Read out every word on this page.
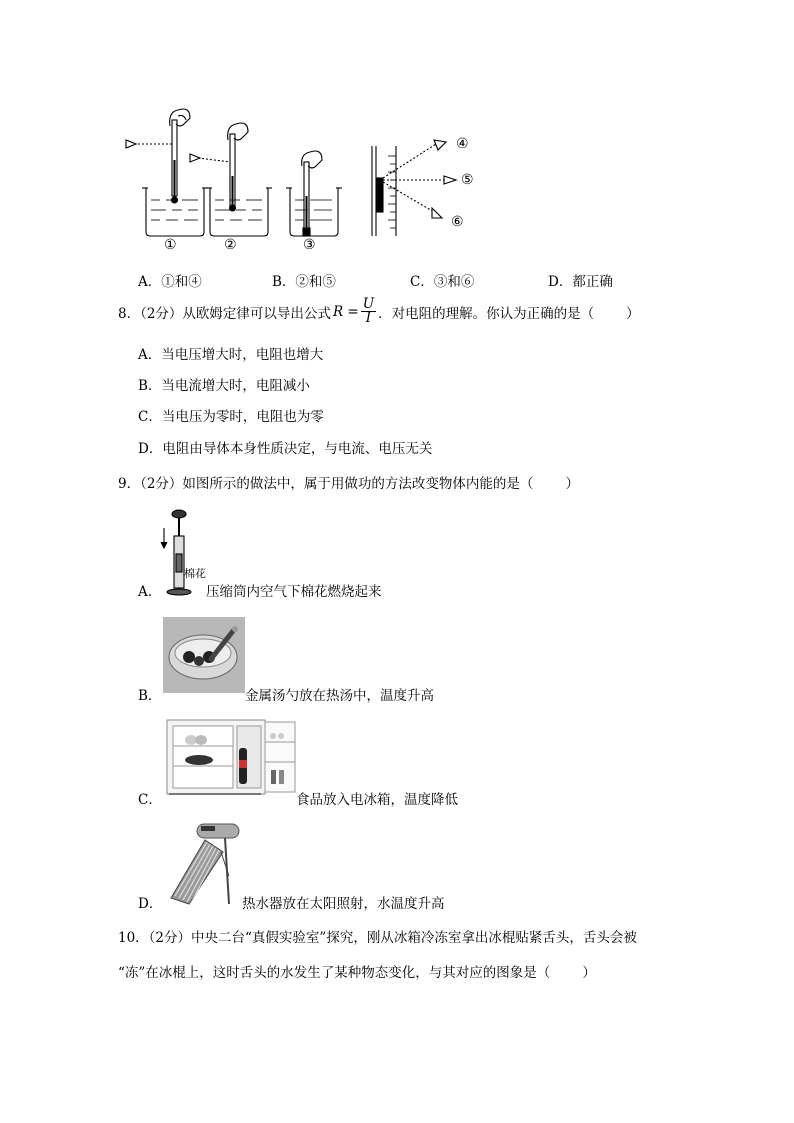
①	②	③
④
⑤
⑥
A．①和④	B．②和⑤	C．③和⑥	D．都正确
8．（2分）从欧姆定律可以导出公式 $R = \frac{U}{I}$ ．对电阻的理解。你认为正确的是（ ）
A．当电压增大时，电阻也增大
B．当电流增大时，电阻减小
C．当电压为零时，电阻也为零
D．电阻由导体本身性质决定，与电流、电压无关
9．（2分）如图所示的做法中，属于用做功的方法改变物体内能的是（ ）
棉花
A．	压缩筒内空气下棉花燃烧起来
B．	金属汤勺放在热汤中，温度升高
C．	食品放入电冰箱，温度降低
D．	热水器放在太阳照射，水温度升高
10．（2分）中央二台“真假实验室”探究，刚从冰箱冷冻室拿出冰棍贴紧舌头，舌头会被
“冻”在冰棍上，这时舌头的水发生了某种物态变化，与其对应的图象是（ ）
